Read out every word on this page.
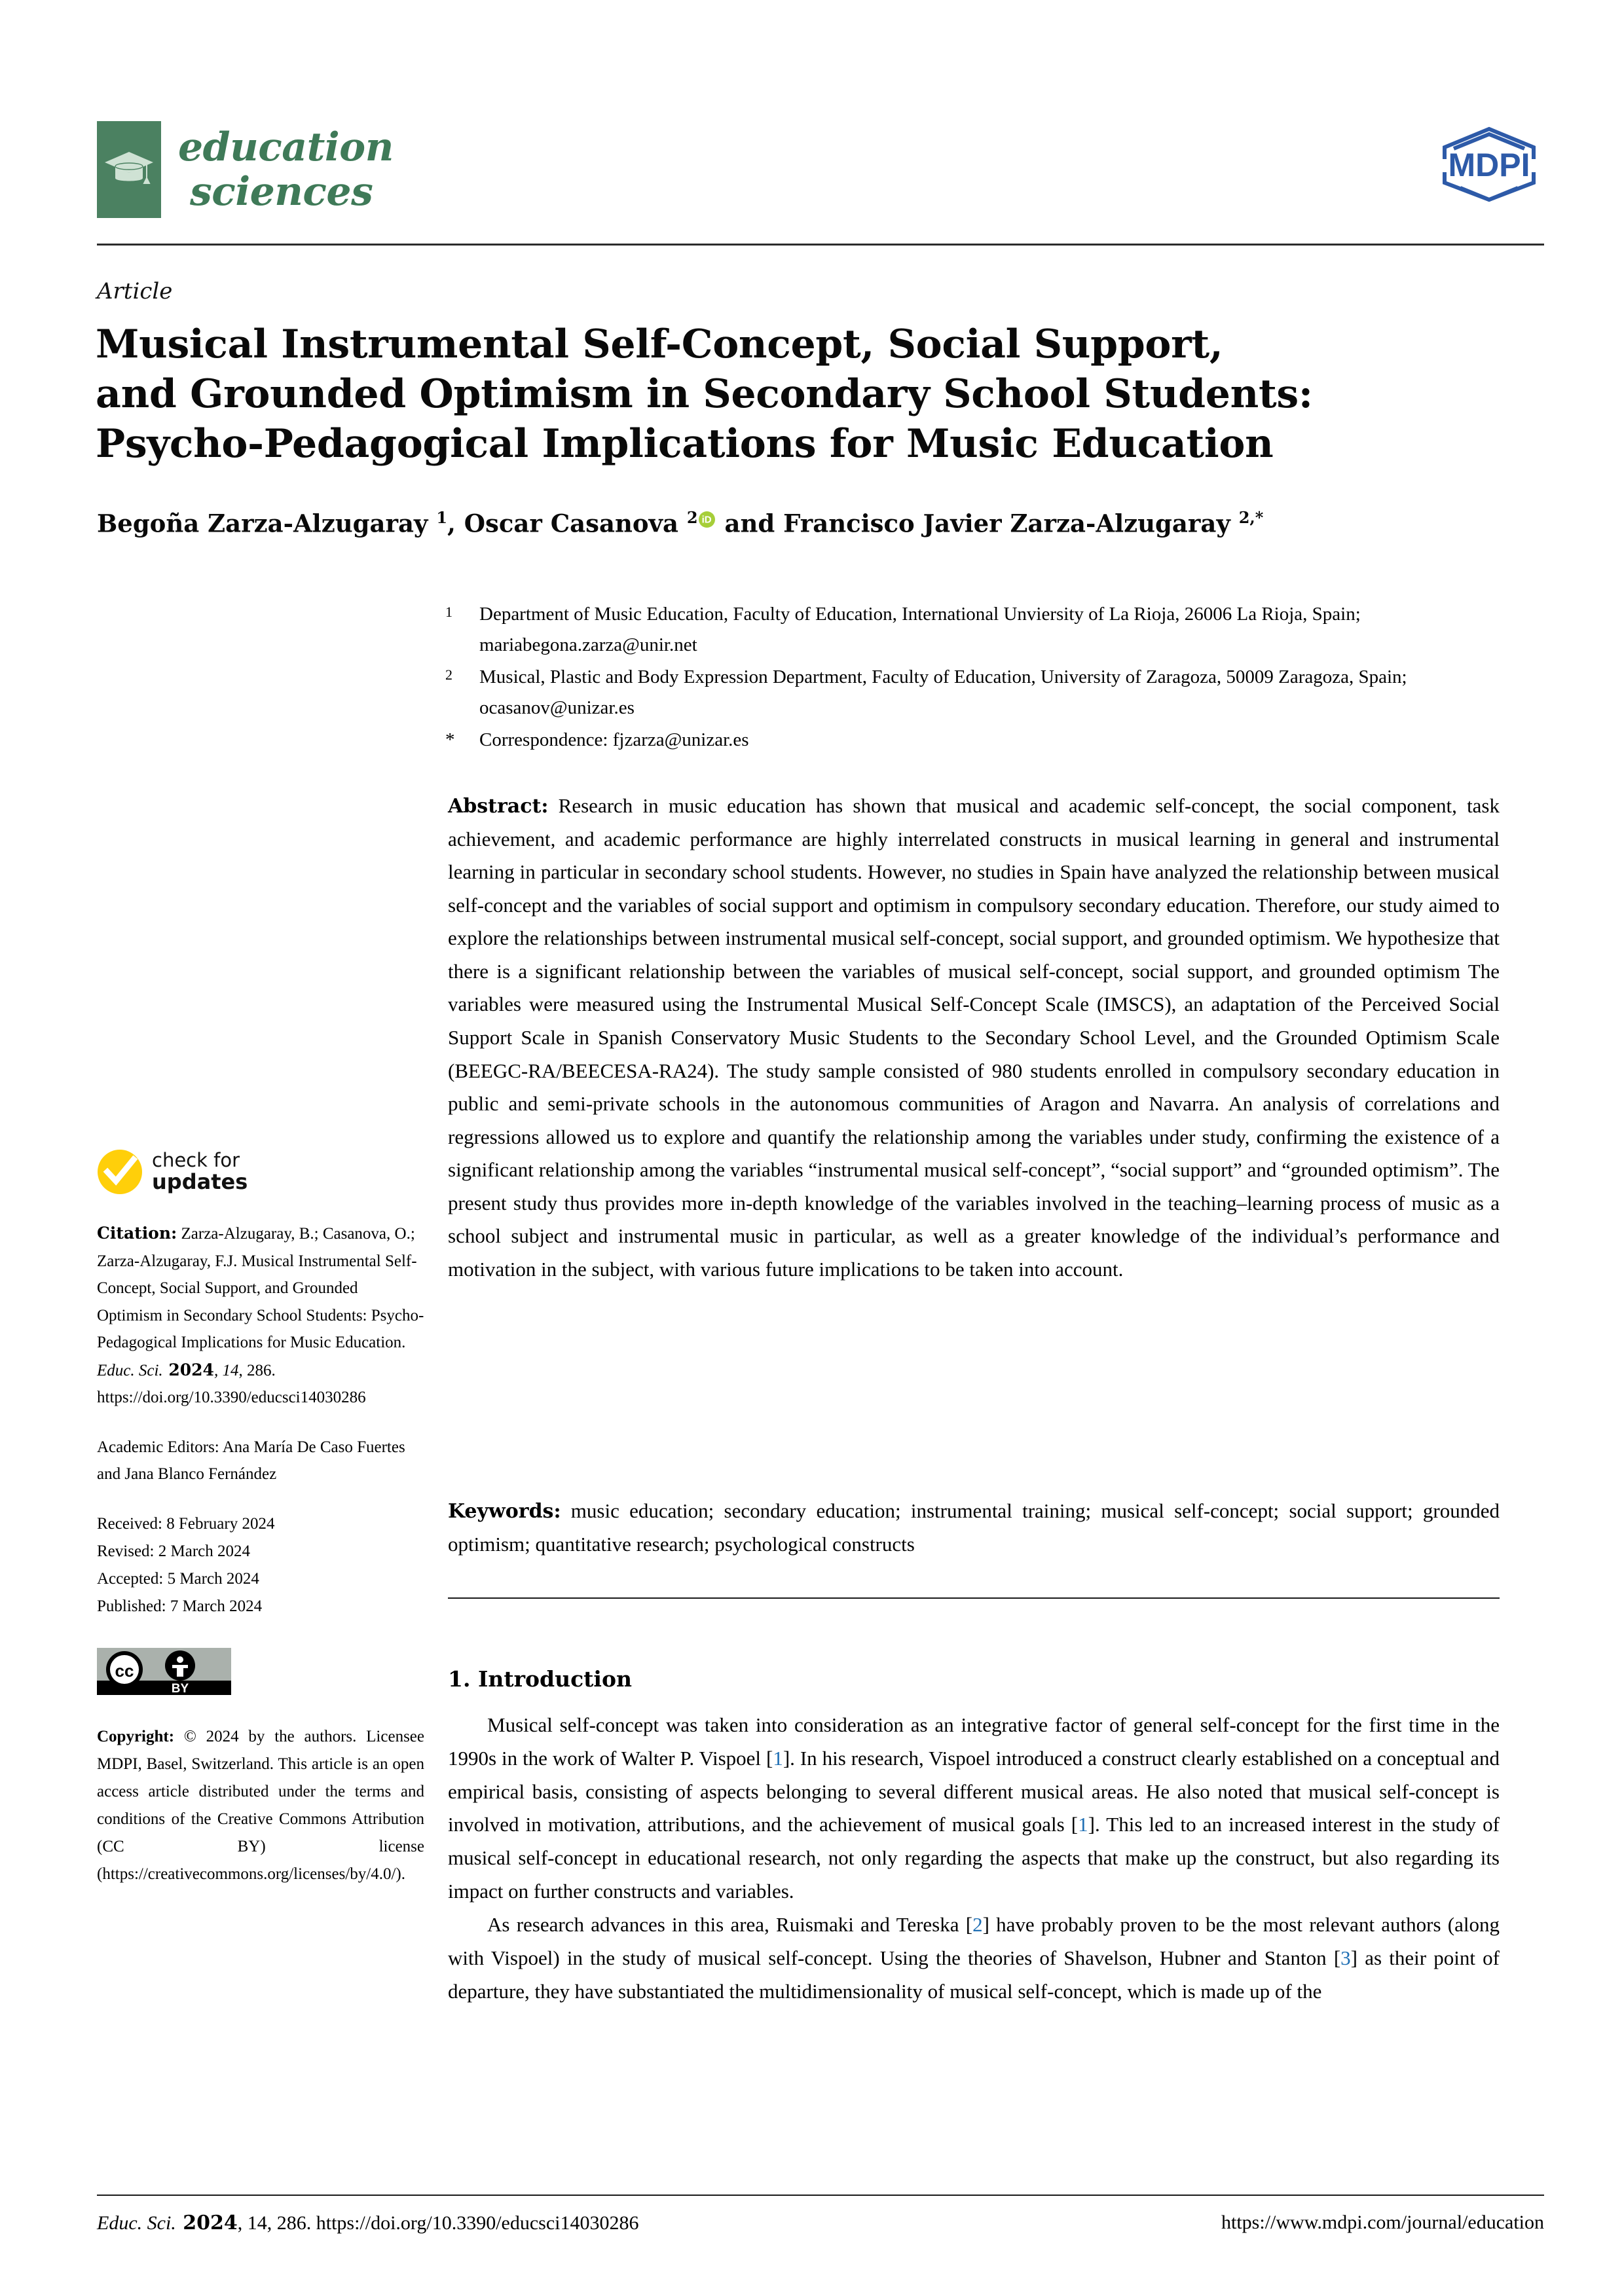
education
sciences
MDPI
Article
Musical Instrumental Self-Concept, Social Support,
and Grounded Optimism in Secondary School Students:
Psycho-Pedagogical Implications for Music Education
Begoña Zarza-Alzugaray $^1$, Oscar Casanova $^2$iD and Francisco Javier Zarza-Alzugaray $^{2,*}$
1	Department of Music Education, Faculty of Education, International Unviersity of La Rioja, 26006 La Rioja, Spain; mariabegona.zarza@unir.net
2	Musical, Plastic and Body Expression Department, Faculty of Education, University of Zaragoza, 50009 Zaragoza, Spain; ocasanov@unizar.es
*	Correspondence: fjzarza@unizar.es
Abstract: Research in music education has shown that musical and academic self-concept, the social component, task achievement, and academic performance are highly interrelated constructs in musical learning in general and instrumental learning in particular in secondary school students. However, no studies in Spain have analyzed the relationship between musical self-concept and the variables of social support and optimism in compulsory secondary education. Therefore, our study aimed to explore the relationships between instrumental musical self-concept, social support, and grounded optimism. We hypothesize that there is a significant relationship between the variables of musical self-concept, social support, and grounded optimism The variables were measured using the Instrumental Musical Self-Concept Scale (IMSCS), an adaptation of the Perceived Social Support Scale in Spanish Conservatory Music Students to the Secondary School Level, and the Grounded Optimism Scale (BEEGC-RA/BEECESA-RA24). The study sample consisted of 980 students enrolled in compulsory secondary education in public and semi-private schools in the autonomous communities of Aragon and Navarra. An analysis of correlations and regressions allowed us to explore and quantify the relationship among the variables under study, confirming the existence of a significant relationship among the variables “instrumental musical self-concept”, “social support” and “grounded optimism”. The present study thus provides more in-depth knowledge of the variables involved in the teaching–learning process of music as a school subject and instrumental music in particular, as well as a greater knowledge of the individual’s performance and motivation in the subject, with various future implications to be taken into account.
Keywords: music education; secondary education; instrumental training; musical self-concept; social support; grounded optimism; quantitative research; psychological constructs
1. Introduction

Musical self-concept was taken into consideration as an integrative factor of general self-concept for the first time in the 1990s in the work of Walter P. Vispoel [1]. In his research, Vispoel introduced a construct clearly established on a conceptual and empirical basis, consisting of aspects belonging to several different musical areas. He also noted that musical self-concept is involved in motivation, attributions, and the achievement of musical goals [1]. This led to an increased interest in the study of musical self-concept in educational research, not only regarding the aspects that make up the construct, but also regarding its impact on further constructs and variables.

As research advances in this area, Ruismaki and Tereska [2] have probably proven to be the most relevant authors (along with Vispoel) in the study of musical self-concept. Using the theories of Shavelson, Hubner and Stanton [3] as their point of departure, they have substantiated the multidimensionality of musical self-concept, which is made up of the

check for
updates
Citation: Zarza-Alzugaray, B.; Casanova, O.; Zarza-Alzugaray, F.J. Musical Instrumental Self-Concept, Social Support, and Grounded Optimism in Secondary School Students: Psycho-Pedagogical Implications for Music Education. Educ. Sci. 2024, 14, 286. https://doi.org/10.3390/educsci14030286
Academic Editors: Ana María De Caso Fuertes and Jana Blanco Fernández
Received: 8 February 2024
Revised: 2 March 2024
Accepted: 5 March 2024
Published: 7 March 2024
cc
BY
Copyright: © 2024 by the authors. Licensee MDPI, Basel, Switzerland. This article is an open access article distributed under the terms and conditions of the Creative Commons Attribution (CC BY) license (https://creativecommons.org/licenses/by/4.0/).
Educ. Sci. 2024, 14, 286. https://doi.org/10.3390/educsci14030286	https://www.mdpi.com/journal/education
